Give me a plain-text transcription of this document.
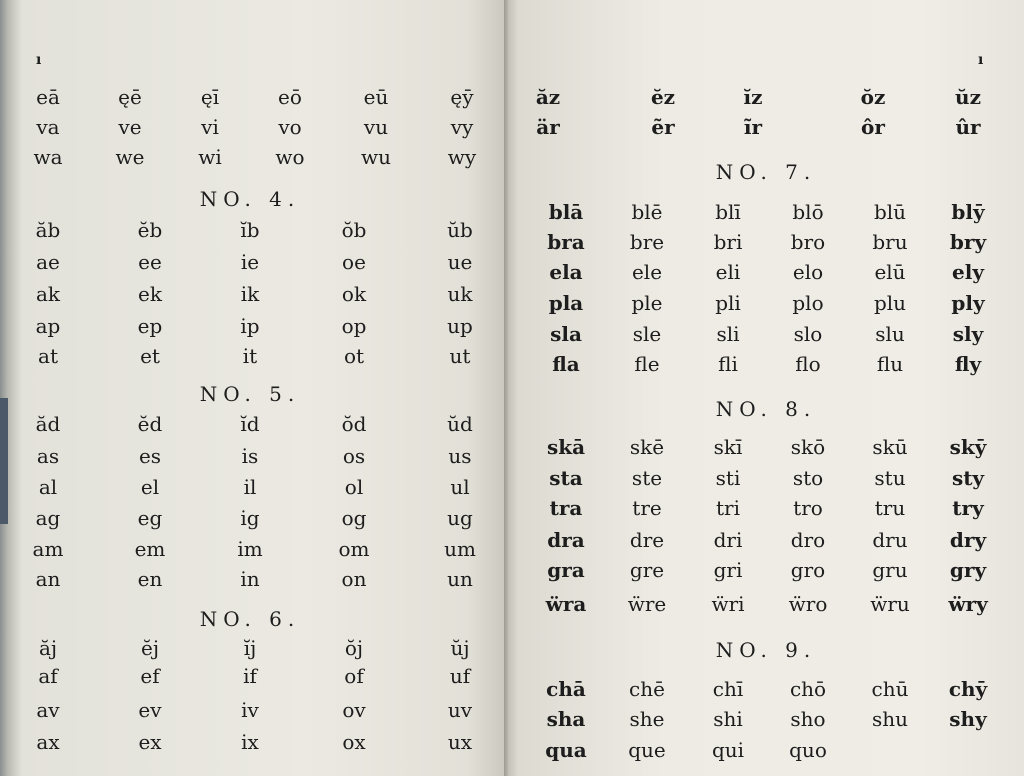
ı
eā	ęē	ęī	eō	eū	ęȳ
va	ve	vi	vo	vu	vy
wa	we	wi	wo	wu	wy
NO. 4.
ăb	ĕb	ĭb	ŏb	ŭb
ae	ee	ie	oe	ue
ak	ek	ik	ok	uk
ap	ep	ip	op	up
at	et	it	ot	ut
NO. 5.
ăd	ĕd	ĭd	ŏd	ŭd
as	es	is	os	us
al	el	il	ol	ul
ag	eg	ig	og	ug
am	em	im	om	um
an	en	in	on	un
NO. 6.
ăj	ĕj	ĭj	ŏj	ŭj
af	ef	if	of	uf
av	ev	iv	ov	uv
ax	ex	ix	ox	ux
ı
ăz	ĕz	ĭz	ŏz	ŭz
är	ẽr	ĩr	ôr	ûr
NO. 7.
blā blē	blī	blō	blū blȳ
bra bre bri bro bru bry
ela ele	eli	elo	elū ely
pla ple	pli	plo	plu ply
sla	sle	sli	slo	slu sly
fla	fle	fli	flo	flu	fly
NO. 8.
skā skē skī skō skū skȳ
sta ste	sti	sto	stu sty
tra tre	tri	tro	tru try
dra dre dri dro dru dry
gra gre gri gro gru gry
ẅra ẅre ẅri ẅro ẅru ẅry
NO. 9.
chā chē chī chō chū chȳ
sha she shi sho shu shy
qua que qui quo
